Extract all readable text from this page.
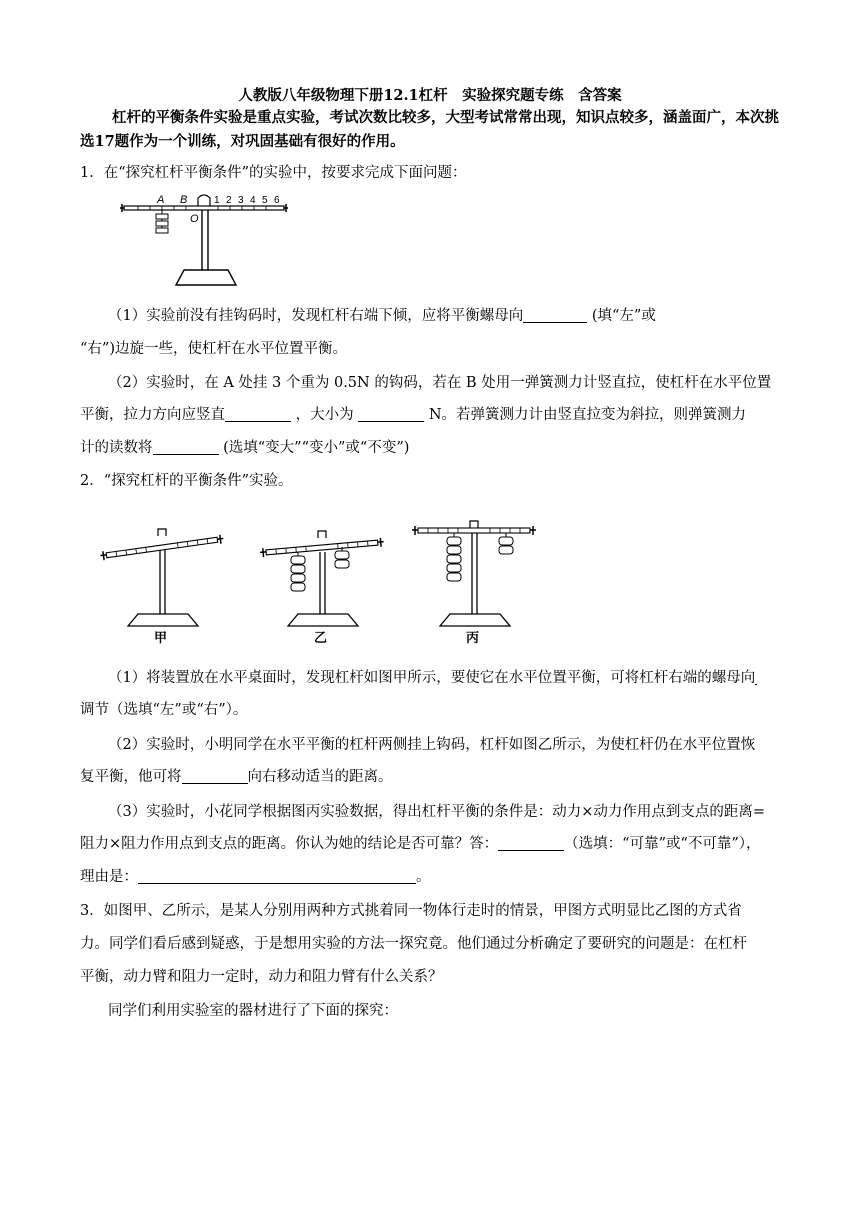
人教版八年级物理下册12.1杠杆　实验探究题专练　含答案
杠杆的平衡条件实验是重点实验，考试次数比较多，大型考试常常出现，知识点较多，涵盖面广，本次挑选17题作为一个训练，对巩固基础有很好的作用。
1．在“探究杠杆平衡条件”的实验中，按要求完成下面问题：
A B
O
1 2 3 4 5 6
（1）实验前没有挂钩码时，发现杠杆右端下倾，应将平衡螺母向	(填“左”或
“右”)边旋一些，使杠杆在水平位置平衡。
（2）实验时，在 A 处挂 3 个重为 0.5N 的钩码，若在 B 处用一弹簧测力计竖直拉，使杠杆在水平位置
平衡，拉力方向应竖直	，大小为	N。若弹簧测力计由竖直拉变为斜拉，则弹簧测力
计的读数将	(选填“变大”“变小”或“不变”)
2．“探究杠杆的平衡条件”实验。
甲	乙	丙
（1）将装置放在水平桌面时，发现杠杆如图甲所示，要使它在水平位置平衡，可将杠杆右端的螺母向
调节（选填“左”或“右”）。
（2）实验时，小明同学在水平平衡的杠杆两侧挂上钩码，杠杆如图乙所示，为使杠杆仍在水平位置恢
复平衡，他可将	向右移动适当的距离。
（3）实验时，小花同学根据图丙实验数据，得出杠杆平衡的条件是：动力×动力作用点到支点的距离=
阻力×阻力作用点到支点的距离。你认为她的结论是否可靠？答：	（选填：“可靠”或“不可靠”），
理由是：	。
3．如图甲、乙所示，是某人分别用两种方式挑着同一物体行走时的情景，甲图方式明显比乙图的方式省
力。同学们看后感到疑惑，于是想用实验的方法一探究竟。他们通过分析确定了要研究的问题是：在杠杆
平衡，动力臂和阻力一定时，动力和阻力臂有什么关系？
同学们利用实验室的器材进行了下面的探究：
